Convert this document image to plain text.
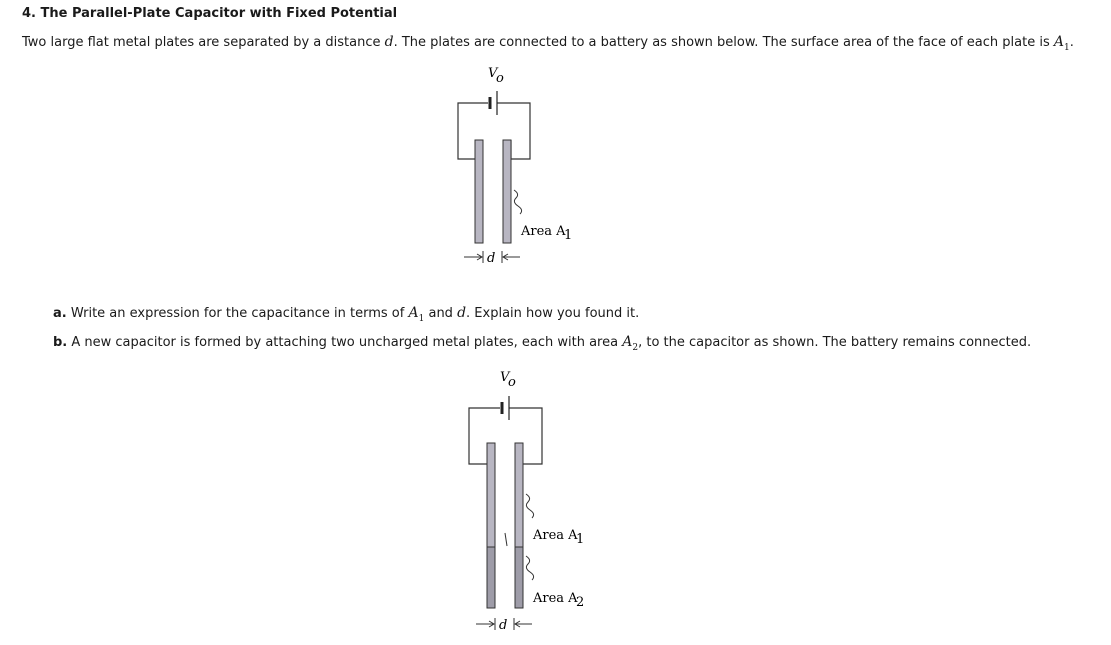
4. The Parallel-Plate Capacitor with Fixed Potential
Two large flat metal plates are separated by a distance d. The plates are connected to a battery as shown below. The surface area of the face of each plate is $A_1$.
V
o
Area A
1
d
a. Write an expression for the capacitance in terms of $A_1$ and d. Explain how you found it.
b. A new capacitor is formed by attaching two uncharged metal plates, each with area $A_2$, to the capacitor as shown. The battery remains connected.
V
o
Area A
1
Area A
2
d
